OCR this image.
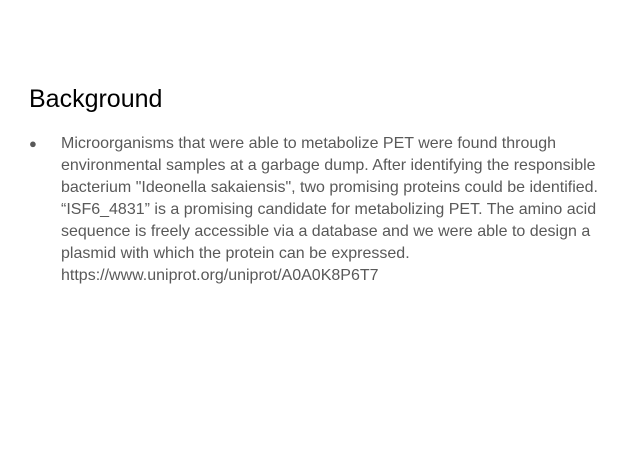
Background
●	Microorganisms that were able to metabolize PET were found through
environmental samples at a garbage dump. After identifying the responsible
bacterium "Ideonella sakaiensis", two promising proteins could be identified.
“ISF6_4831” is a promising candidate for metabolizing PET. The amino acid
sequence is freely accessible via a database and we were able to design a
plasmid with which the protein can be expressed.
https://www.uniprot.org/uniprot/A0A0K8P6T7
